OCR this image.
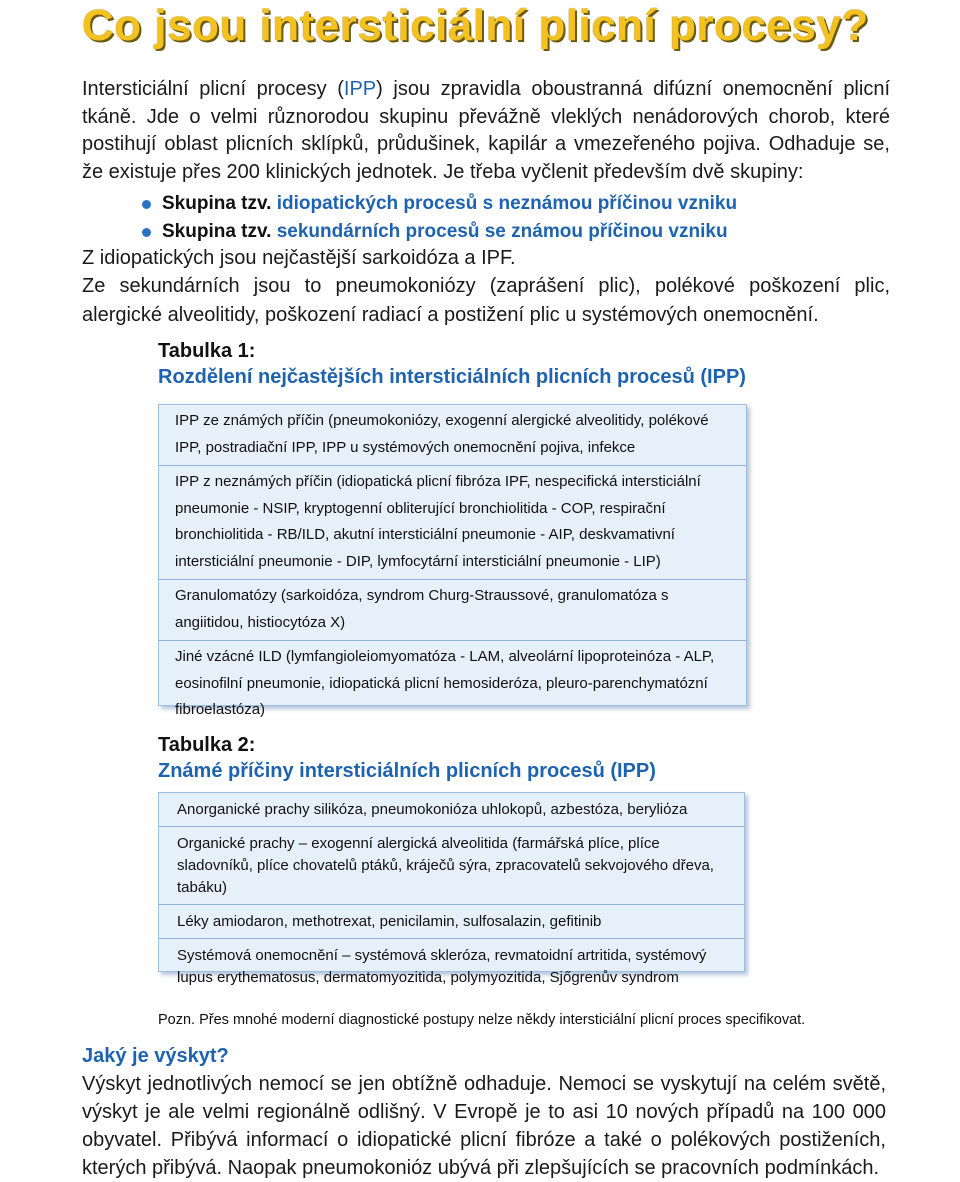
Co jsou intersticiální plicní procesy?

Intersticiální plicní procesy (IPP) jsou zpravidla oboustranná difúzní onemocnění plicní tkáně. Jde o velmi různorodou skupinu převážně vleklých nenádorových chorob, které postihují oblast plicních sklípků, průdušinek, kapilár a vmezeřeného pojiva. Odhaduje se, že existuje přes 200 klinických jednotek. Je třeba vyčlenit především dvě skupiny:

Skupina tzv. idiopatických procesů s neznámou příčinou vzniku
Skupina tzv. sekundárních procesů se známou příčinou vzniku

Z idiopatických jsou nejčastější sarkoidóza a IPF.

Ze sekundárních jsou to pneumokoniózy (zaprášení plic), polékové poškození plic, alergické alveolitidy, poškození radiací a postižení plic u systémových onemocnění.

Tabulka 1:
Rozdělení nejčastějších intersticiálních plicních procesů (IPP)
IPP ze známých příčin (pneumokoniózy, exogenní alergické alveolitidy, polékové IPP, postradiační IPP, IPP u systémových onemocnění pojiva, infekce
IPP z neznámých příčin (idiopatická plicní fibróza IPF, nespecifická intersticiální pneumonie - NSIP, kryptogenní obliterující bronchiolitida - COP, respirační bronchiolitida - RB/ILD, akutní intersticiální pneumonie - AIP, deskvamativní intersticiální pneumonie - DIP, lymfocytární intersticiální pneumonie - LIP)
Granulomatózy (sarkoidóza, syndrom Churg-Straussové, granulomatóza s angiitidou, histiocytóza X)
Jiné vzácné ILD (lymfangioleiomyomatóza - LAM, alveolární lipoproteinóza - ALP, eosinofilní pneumonie, idiopatická plicní hemosideróza, pleuro-parenchymatózní fibroelastóza)
Tabulka 2:
Známé příčiny intersticiálních plicních procesů (IPP)
Anorganické prachy silikóza, pneumokonióza uhlokopů, azbestóza, beryliόza
Organické prachy – exogenní alergická alveolitida (farmářská plíce, plíce sladovníků, plíce chovatelů ptáků, kráječů sýra, zpracovatelů sekvojového dřeva, tabáku)
Léky amiodaron, methotrexat, penicilamin, sulfosalazin, gefitinib
Systémová onemocnění – systémová skleróza, revmatoidní artritida, systémový lupus erythematosus, dermatomyozitida, polymyozitida, Sjőgrenův syndrom

Pozn. Přes mnohé moderní diagnostické postupy nelze někdy intersticiální plicní proces specifikovat.

Jaký je výskyt?

Výskyt jednotlivých nemocí se jen obtížně odhaduje. Nemoci se vyskytují na celém světě, výskyt je ale velmi regionálně odlišný. V Evropě je to asi 10 nových případů na 100 000 obyvatel. Přibývá informací o idiopatické plicní fibróze a také o polékových postiženích, kterých přibývá. Naopak pneumokonióz ubývá při zlepšujících se pracovních podmínkách.
